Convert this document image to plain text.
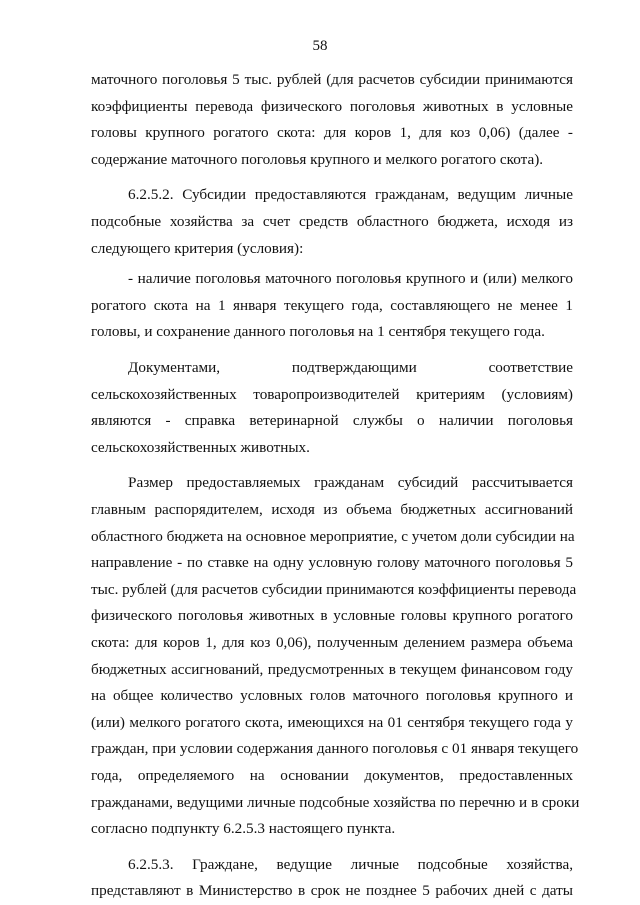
58
маточного поголовья 5 тыс. рублей (для расчетов субсидии принимаются
коэффициенты перевода физического поголовья животных в условные
головы крупного рогатого скота: для коров 1, для коз 0,06) (далее -
содержание маточного поголовья крупного и мелкого рогатого скота).
6.2.5.2. Субсидии предоставляются гражданам, ведущим личные
подсобные хозяйства за счет средств областного бюджета, исходя из
следующего критерия (условия):
- наличие поголовья маточного поголовья крупного и (или) мелкого
рогатого скота на 1 января текущего года, составляющего не менее 1
головы, и сохранение данного поголовья на 1 сентября текущего года.
Документами, подтверждающими соответствие
сельскохозяйственных товаропроизводителей критериям (условиям)
являются - справка ветеринарной службы о наличии поголовья
сельскохозяйственных животных.
Размер предоставляемых гражданам субсидий рассчитывается
главным распорядителем, исходя из объема бюджетных ассигнований
областного бюджета на основное мероприятие, с учетом доли субсидии на
направление - по ставке на одну условную голову маточного поголовья 5
тыс. рублей (для расчетов субсидии принимаются коэффициенты перевода
физического поголовья животных в условные головы крупного рогатого
скота: для коров 1, для коз 0,06), полученным делением размера объема
бюджетных ассигнований, предусмотренных в текущем финансовом году
на общее количество условных голов маточного поголовья крупного и
(или) мелкого рогатого скота, имеющихся на 01 сентября текущего года у
граждан, при условии содержания данного поголовья с 01 января текущего
года, определяемого на основании документов, предоставленных
гражданами, ведущими личные подсобные хозяйства по перечню и в сроки
согласно подпункту 6.2.5.3 настоящего пункта.
6.2.5.3. Граждане, ведущие личные подсобные хозяйства,
представляют в Министерство в срок не позднее 5 рабочих дней с даты
